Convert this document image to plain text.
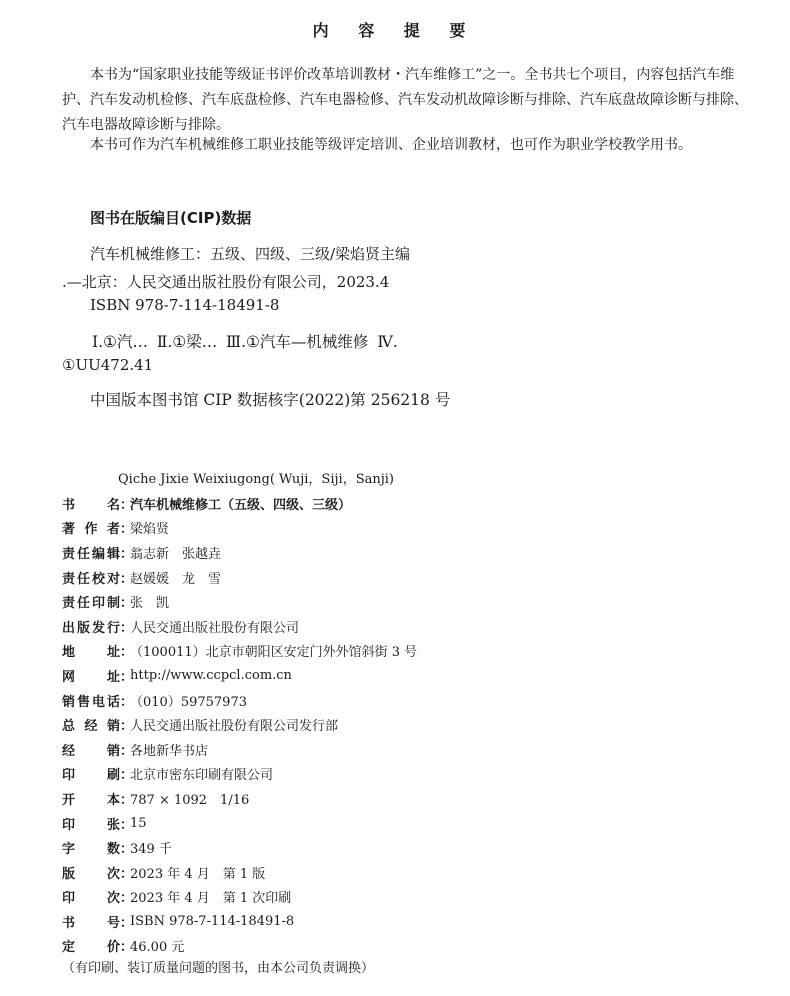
内 容 提 要

本书为“国家职业技能等级证书评价改革培训教材・汽车维修工”之一。全书共七个项目，内容包括汽车维护、汽车发动机检修、汽车底盘检修、汽车电器检修、汽车发动机故障诊断与排除、汽车底盘故障诊断与排除、汽车电器故障诊断与排除。

本书可作为汽车机械维修工职业技能等级评定培训、企业培训教材，也可作为职业学校教学用书。

图书在版编目(CIP)数据
汽车机械维修工：五级、四级、三级/梁焰贤主编
.—北京：人民交通出版社股份有限公司，2023.4
ISBN 978-7-114-18491-8
Ⅰ.①汽… Ⅱ.①梁… Ⅲ.①汽车—机械维修 Ⅳ.
①UU472.41
中国版本图书馆 CIP 数据核字(2022)第 256218 号
Qiche Jixie Weixiugong( Wuji，Siji，Sanji)
书 名 ：
汽车机械维修工（五级、四级、三级）
著 作 者 ：
梁焰贤
责 任 编 辑 ：
翁志新　张越垚
责 任 校 对 ：
赵媛媛　龙　雪
责 任 印 制 ：
张　凯
出 版 发 行 ：
人民交通出版社股份有限公司
地 址 ：
（100011）北京市朝阳区安定门外外馆斜街 3 号
网 址 ：
http://www.ccpcl.com.cn
销 售 电 话 ：
（010）59757973
总 经 销 ：
人民交通出版社股份有限公司发行部
经 销 ：
各地新华书店
印 刷 ：
北京市密东印刷有限公司
开 本 ：
787 × 1092　1/16
印 张 ：
15
字 数 ：
349 千
版 次 ：
2023 年 4 月　第 1 版
印 次 ：
2023 年 4 月　第 1 次印刷
书 号 ：
ISBN 978-7-114-18491-8
定 价 ：
46.00 元
（有印刷、装订质量问题的图书，由本公司负责调换）
